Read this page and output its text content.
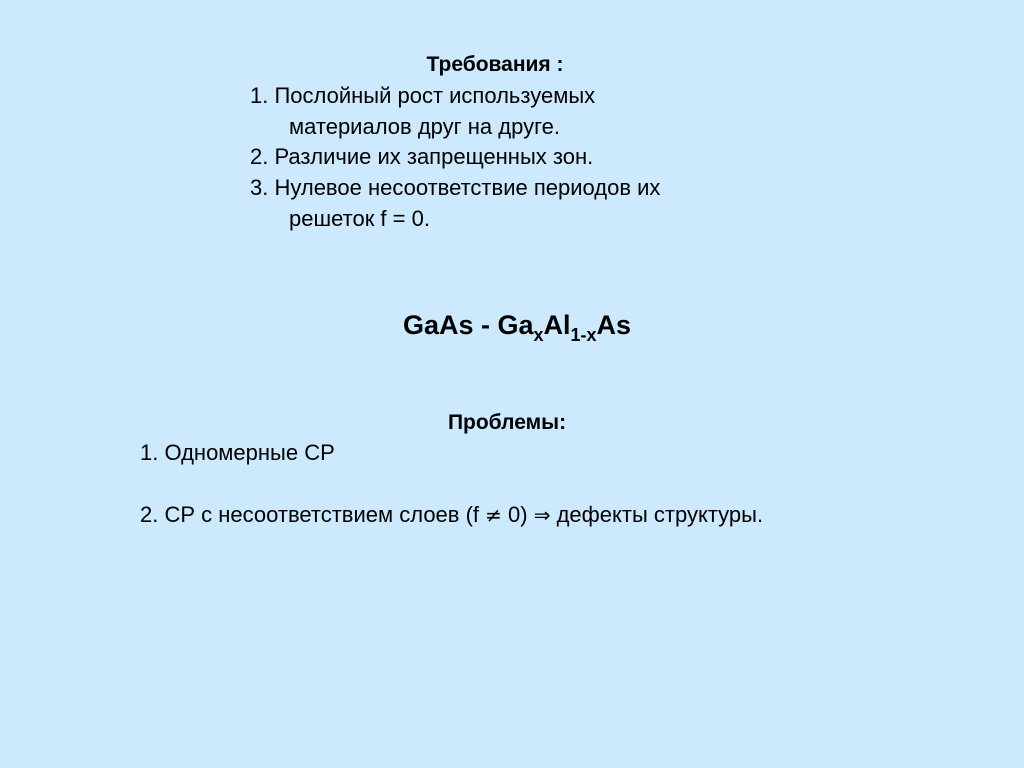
Требования :
1. Послойный рост используемых
материалов друг на друге.
2. Различие их запрещенных зон.
3. Нулевое несоответствие периодов их
решеток f = 0.
GaAs - $Ga_xAl_{1-x}As$
Проблемы:
1. Одномерные СР
2. СР с несоответствием слоев (f ≠ 0) ⇒ дефекты структуры.
